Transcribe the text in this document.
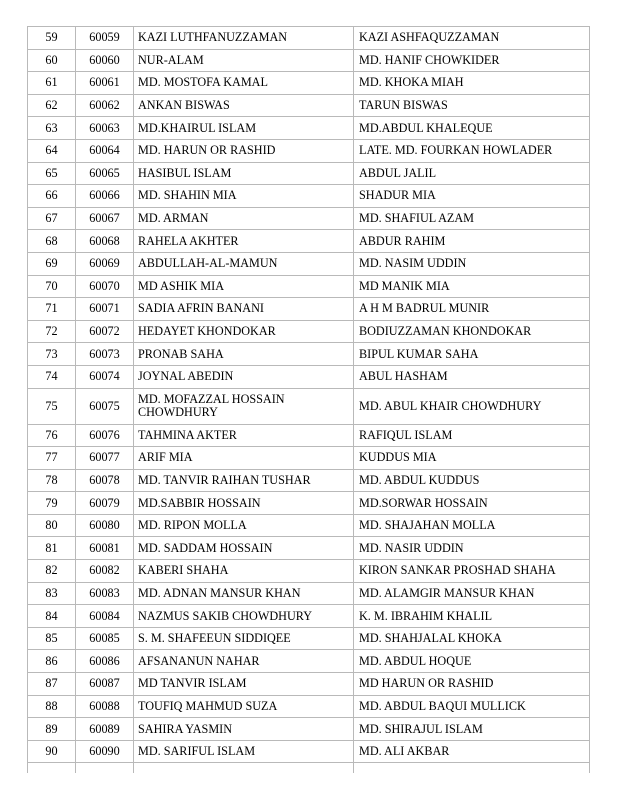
59	60059	KAZI LUTHFANUZZAMAN	KAZI ASHFAQUZZAMAN
60	60060	NUR-ALAM	MD. HANIF CHOWKIDER
61	60061	MD. MOSTOFA KAMAL	MD. KHOKA MIAH
62	60062	ANKAN BISWAS	TARUN BISWAS
63	60063	MD.KHAIRUL ISLAM	MD.ABDUL KHALEQUE
64	60064	MD. HARUN OR RASHID	LATE. MD. FOURKAN HOWLADER
65	60065	HASIBUL ISLAM	ABDUL JALIL
66	60066	MD. SHAHIN MIA	SHADUR MIA
67	60067	MD. ARMAN	MD. SHAFIUL AZAM
68	60068	RAHELA AKHTER	ABDUR RAHIM
69	60069	ABDULLAH-AL-MAMUN	MD. NASIM UDDIN
70	60070	MD ASHIK MIA	MD MANIK MIA
71	60071	SADIA AFRIN BANANI	A H M BADRUL MUNIR
72	60072	HEDAYET KHONDOKAR	BODIUZZAMAN KHONDOKAR
73	60073	PRONAB SAHA	BIPUL KUMAR SAHA
74	60074	JOYNAL ABEDIN	ABUL HASHAM
75	60075	MD. MOFAZZAL HOSSAIN CHOWDHURY	MD. ABUL KHAIR CHOWDHURY
76	60076	TAHMINA AKTER	RAFIQUL ISLAM
77	60077	ARIF MIA	KUDDUS MIA
78	60078	MD. TANVIR RAIHAN TUSHAR	MD. ABDUL KUDDUS
79	60079	MD.SABBIR HOSSAIN	MD.SORWAR HOSSAIN
80	60080	MD. RIPON MOLLA	MD. SHAJAHAN MOLLA
81	60081	MD. SADDAM HOSSAIN	MD. NASIR UDDIN
82	60082	KABERI SHAHA	KIRON SANKAR PROSHAD SHAHA
83	60083	MD. ADNAN MANSUR KHAN	MD. ALAMGIR MANSUR KHAN
84	60084	NAZMUS SAKIB CHOWDHURY	K. M. IBRAHIM KHALIL
85	60085	S. M. SHAFEEUN SIDDIQEE	MD. SHAHJALAL KHOKA
86	60086	AFSANANUN NAHAR	MD. ABDUL HOQUE
87	60087	MD TANVIR ISLAM	MD HARUN OR RASHID
88	60088	TOUFIQ MAHMUD SUZA	MD. ABDUL BAQUI MULLICK
89	60089	SAHIRA YASMIN	MD. SHIRAJUL ISLAM
90	60090	MD. SARIFUL ISLAM	MD. ALI AKBAR
